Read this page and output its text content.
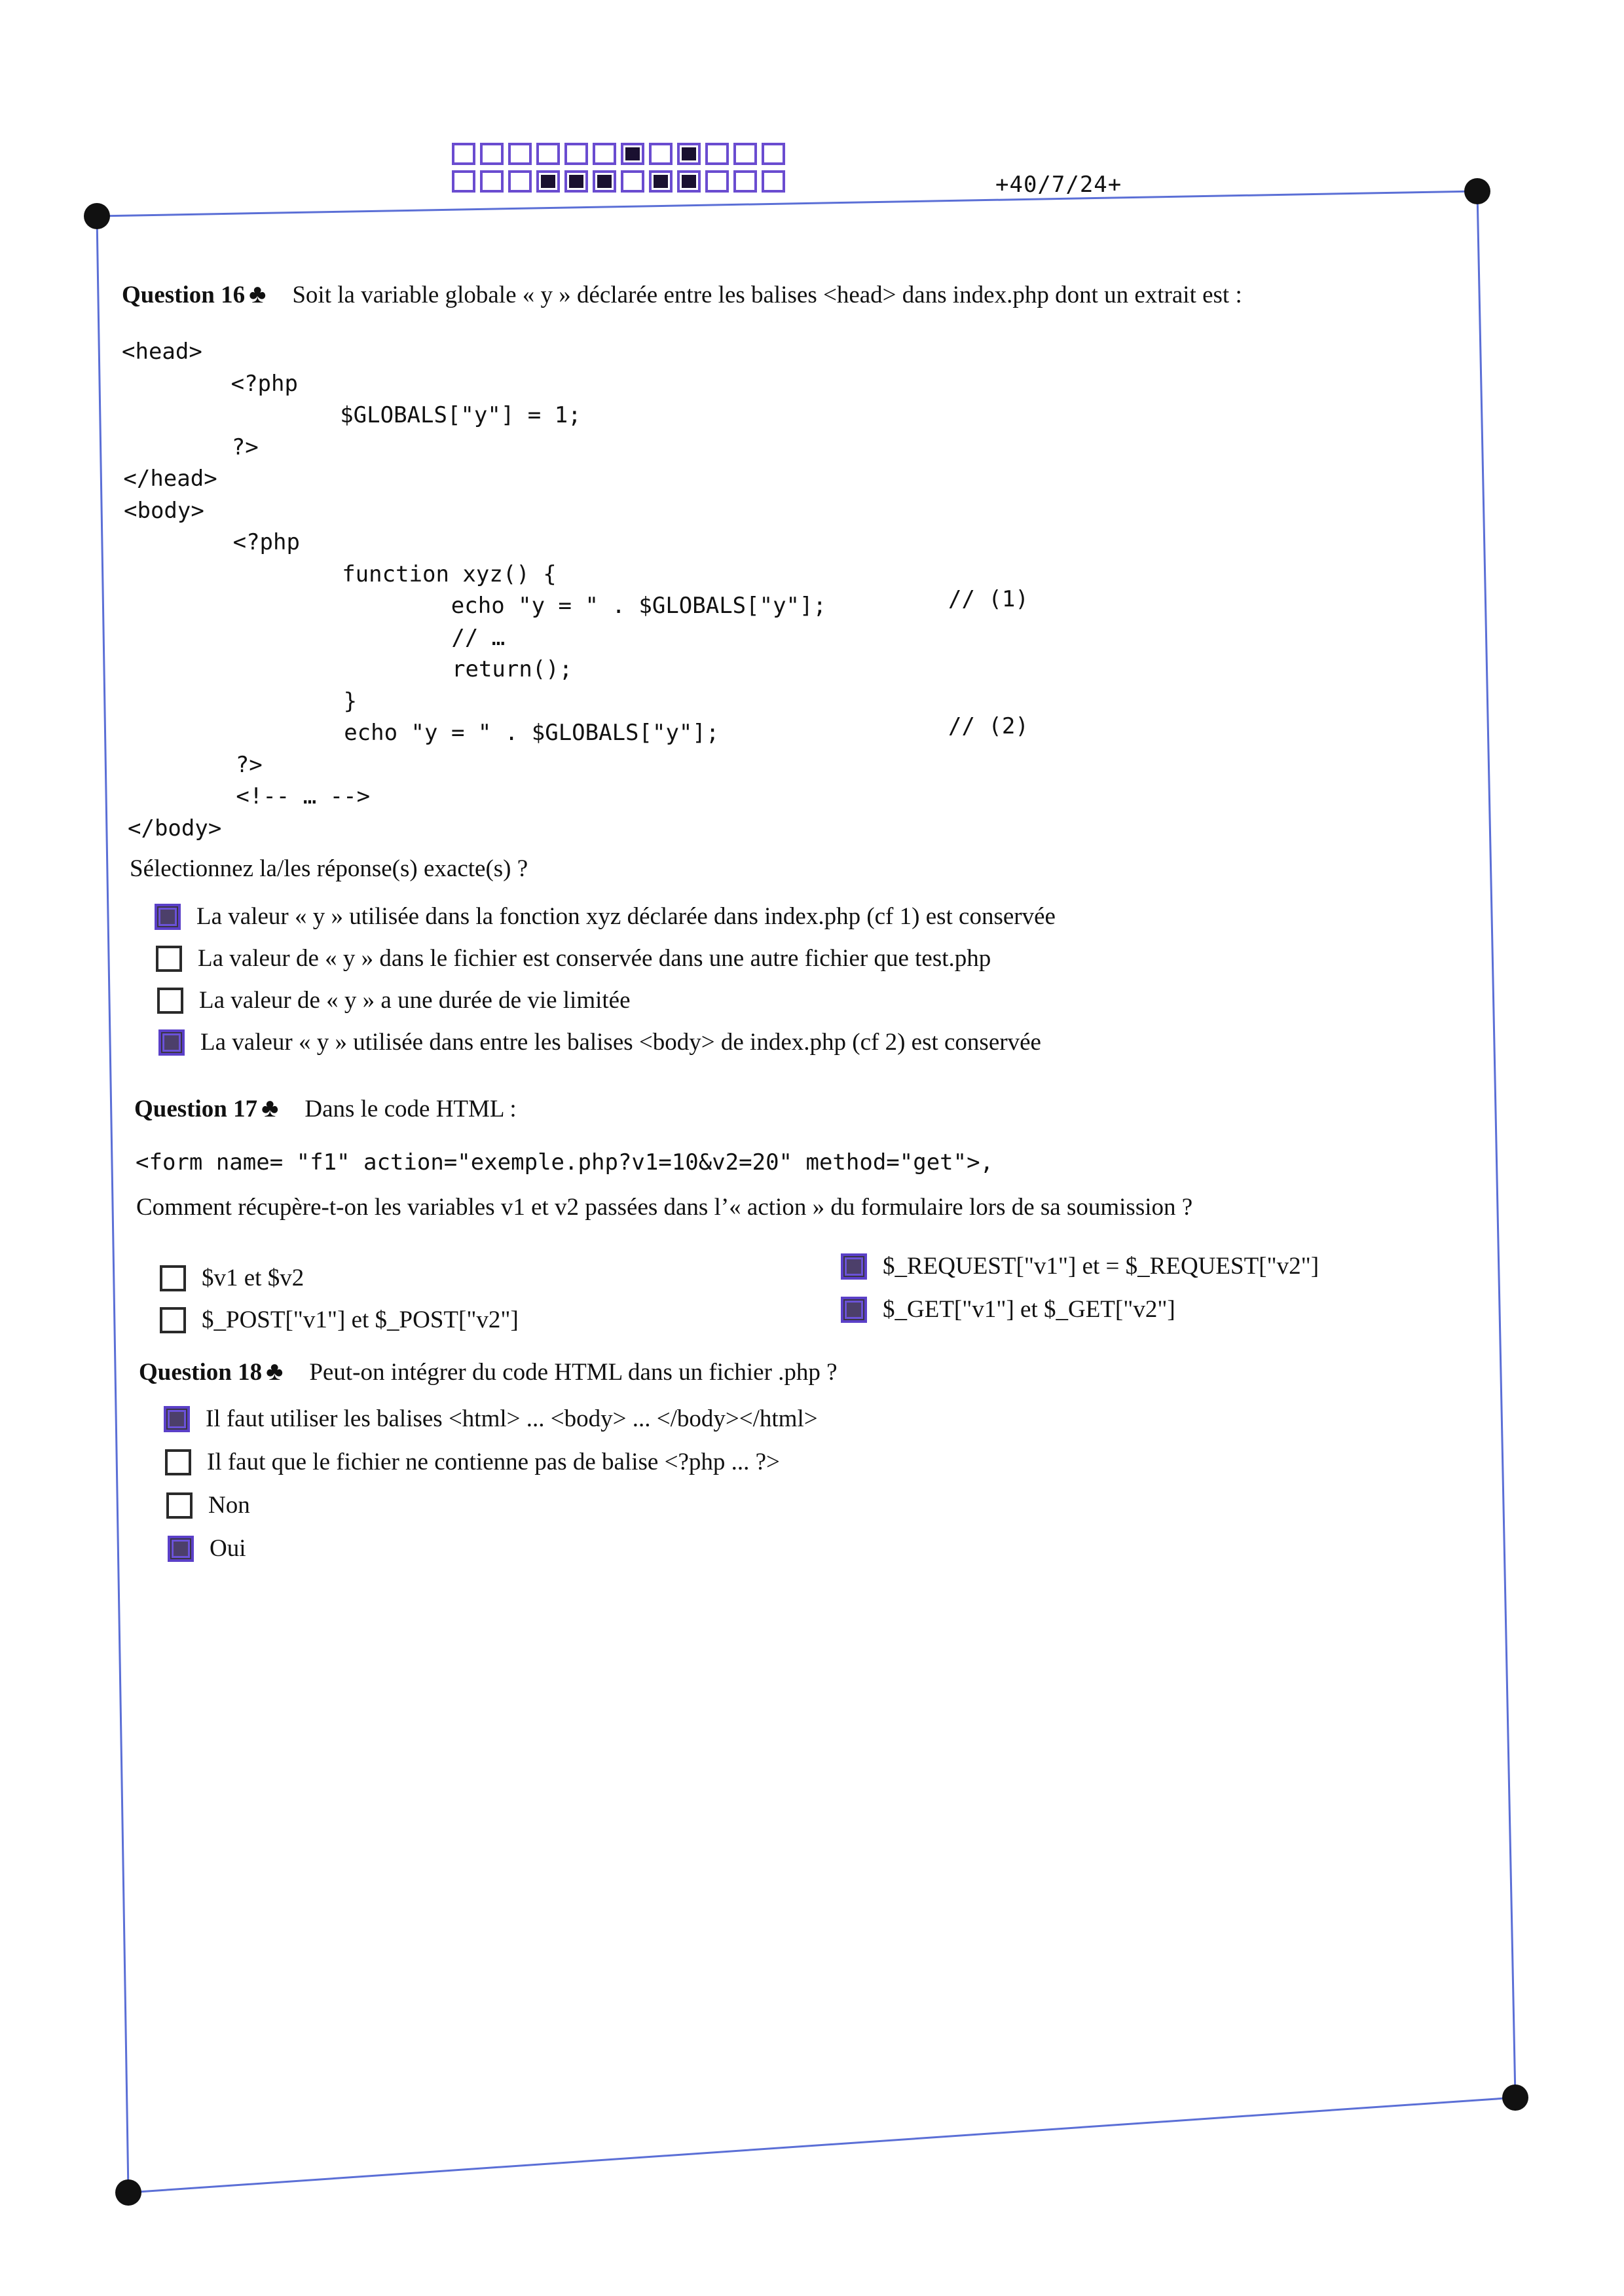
+40/7/24+
Question 16 ♣ Soit la variable globale « y » déclarée entre les balises <head> dans index.php dont un extrait est :
<head>
<?php
$GLOBALS["y"] = 1;
?>
</head>
<body>
<?php
function xyz() {
echo "y = " . $GLOBALS["y"];	// (1)
// …
return();
}
echo "y = " . $GLOBALS["y"];	// (2)
?>
<!-- … -->
</body>
Sélectionnez la/les réponse(s) exacte(s) ?
La valeur « y » utilisée dans la fonction xyz déclarée dans index.php (cf 1) est conservée
La valeur de « y » dans le fichier est conservée dans une autre fichier que test.php
La valeur de « y » a une durée de vie limitée
La valeur « y » utilisée dans entre les balises <body> de index.php (cf 2) est conservée
Question 17 ♣ Dans le code HTML :
<form name= "f1" action="exemple.php?v1=10&v2=20" method="get">,
Comment récupère-t-on les variables v1 et v2 passées dans l’« action » du formulaire lors de sa soumission ?
$v1 et $v2
$_POST["v1"] et $_POST["v2"]
$_REQUEST["v1"] et = $_REQUEST["v2"]
$_GET["v1"] et $_GET["v2"]
Question 18 ♣ Peut-on intégrer du code HTML dans un fichier .php ?
Il faut utiliser les balises <html> ... <body> ... </body></html>
Il faut que le fichier ne contienne pas de balise <?php ... ?>
Non
Oui
